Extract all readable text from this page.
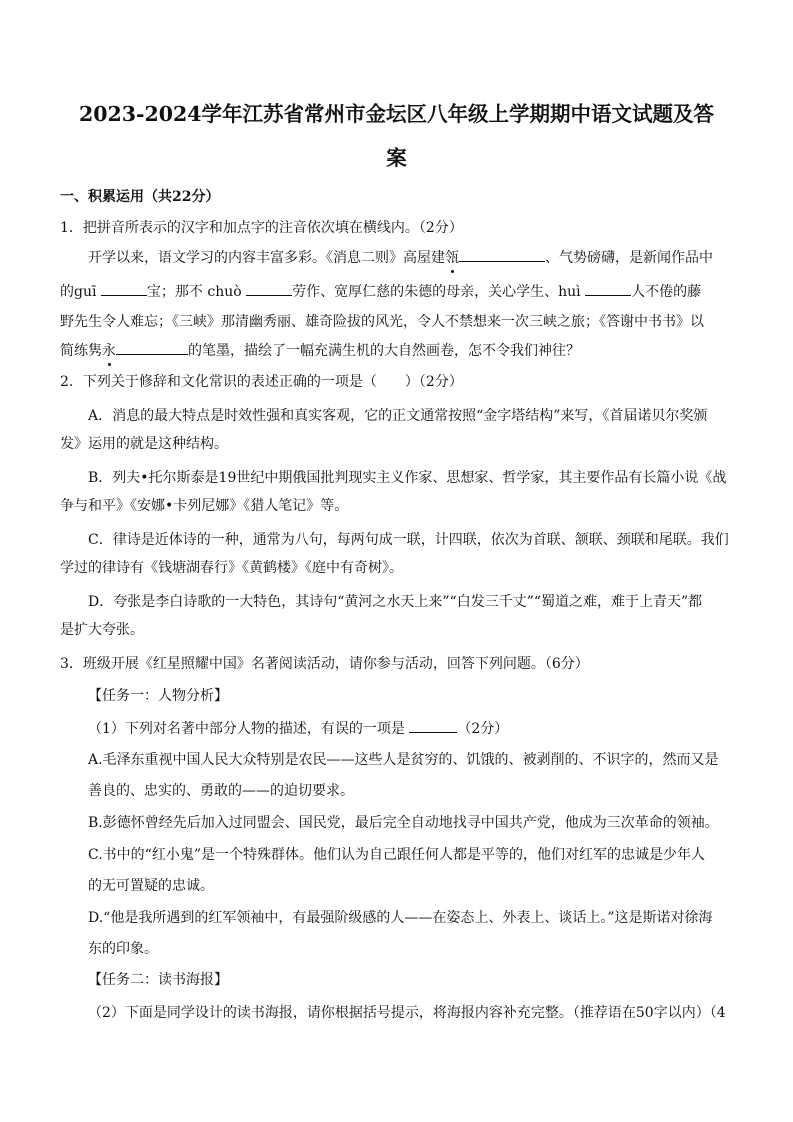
2023-2024学年江苏省常州市金坛区八年级上学期期中语文试题及答
案
一、积累运用（共22分）
1．把拼音所表示的汉字和加点字的注音依次填在横线内。（2分）
开学以来，语文学习的内容丰富多彩。《消息二则》高屋建瓴	、气势磅礴，是新闻作品中
的guī	宝；那不 chuò	劳作、宽厚仁慈的朱德的母亲，关心学生、huì	人不倦的藤
野先生令人难忘；《三峡》那清幽秀丽、雄奇险拔的风光，令人不禁想来一次三峡之旅；《答谢中书书》以
简练隽永	的笔墨，描绘了一幅充满生机的大自然画卷，怎不令我们神往？
2．下列关于修辞和文化常识的表述正确的一项是（　　）（2分）
A．消息的最大特点是时效性强和真实客观，它的正文通常按照“金字塔结构”来写，《首届诺贝尔奖颁
发》运用的就是这种结构。
B．列夫•托尔斯泰是19世纪中期俄国批判现实主义作家、思想家、哲学家，其主要作品有长篇小说《战
争与和平》《安娜•卡列尼娜》《猎人笔记》等。
C．律诗是近体诗的一种，通常为八句，每两句成一联，计四联，依次为首联、颔联、颈联和尾联。我们
学过的律诗有《钱塘湖春行》《黄鹤楼》《庭中有奇树》。
D．夸张是李白诗歌的一大特色，其诗句“黄河之水天上来”“白发三千丈”“蜀道之难，难于上青天”都
是扩大夸张。
3．班级开展《红星照耀中国》名著阅读活动，请你参与活动，回答下列问题。（6分）
【任务一：人物分析】
（1）下列对名著中部分人物的描述，有误的一项是	（2分）
A.毛泽东重视中国人民大众特别是农民——这些人是贫穷的、饥饿的、被剥削的、不识字的，然而又是
善良的、忠实的、勇敢的——的迫切要求。
B.彭德怀曾经先后加入过同盟会、国民党，最后完全自动地找寻中国共产党，他成为三次革命的领袖。
C.书中的“红小鬼”是一个特殊群体。他们认为自己跟任何人都是平等的，他们对红军的忠诚是少年人
的无可置疑的忠诚。
D.“他是我所遇到的红军领袖中，有最强阶级感的人——在姿态上、外表上、谈话上。”这是斯诺对徐海
东的印象。
【任务二：读书海报】
（2）下面是同学设计的读书海报，请你根据括号提示，将海报内容补充完整。（推荐语在50字以内）（4
